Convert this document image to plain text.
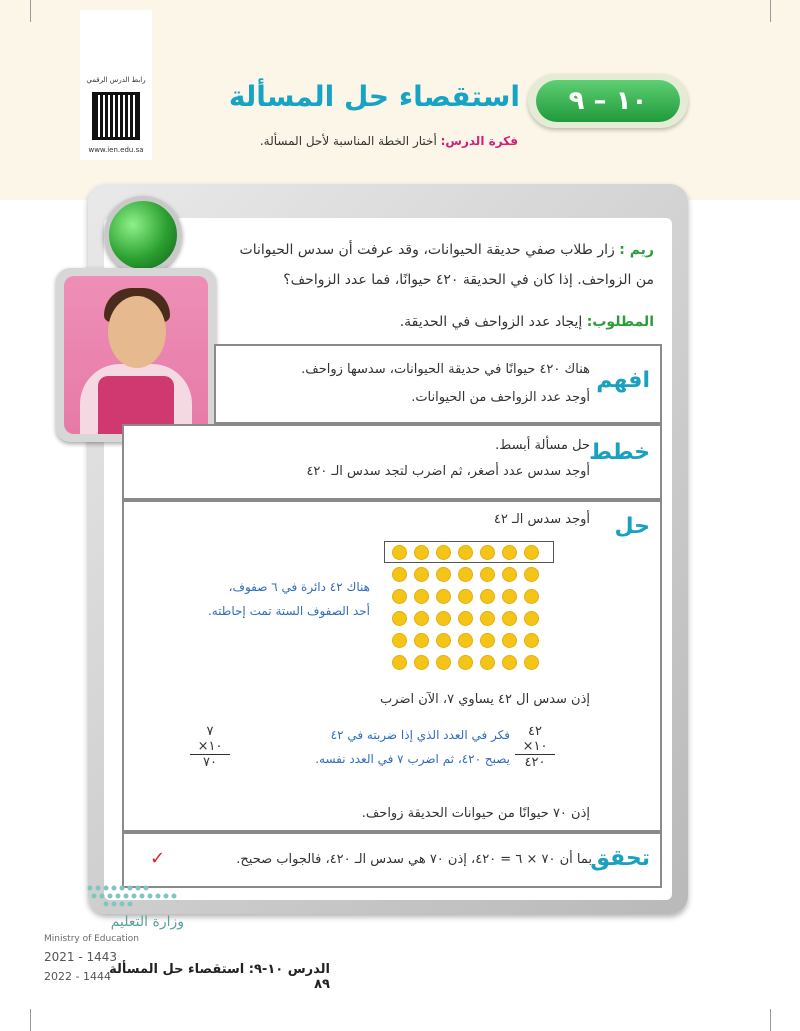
رابط الدرس الرقمي
www.ien.edu.sa
١٠ – ٩
استقصاء حل المسألة
فكرة الدرس: أختار الخطة المناسبة لأحل المسألة.
ريم : زار طلاب صفي حديقة الحيوانات، وقد عرفت أن سدس الحيوانات
من الزواحف. إذا كان في الحديقة ٤٢٠ حيوانًا، فما عدد الزواحف؟
المطلوب: إيجاد عدد الزواحف في الحديقة.
افهم
هناك ٤٢٠ حيوانًا في حديقة الحيوانات، سدسها زواحف.
أوجد عدد الزواحف من الحيوانات.
خطط
حل مسألة أبسط.
أوجد سدس عدد أصغر، ثم اضرب لتجد سدس الـ ٤٢٠
حل
أوجد سدس الـ ٤٢
هناك ٤٢ دائرة في ٦ صفوف،
أحد الصفوف الستة تمت إحاطته.
إذن سدس ال ٤٢ يساوي ٧، الآن اضرب
٤٢
×١٠
٤٢٠
فكر في العدد الذي إذا ضربته في ٤٢
يصبح ٤٢٠، ثم اضرب ٧ في العدد نفسه.
٧
×١٠
٧٠
إذن ٧٠ حيوانًا من حيوانات الحديقة زواحف.
تحقق
بما أن ٧٠ × ٦ = ٤٢٠، إذن ٧٠ هي سدس الـ ٤٢٠، فالجواب صحيح.
✓
وزارة التعليم
Ministry of Education
2021 - 1443
الدرس ١٠-٩: استقصاء حل المسألة ٨٩
2022 - 1444
